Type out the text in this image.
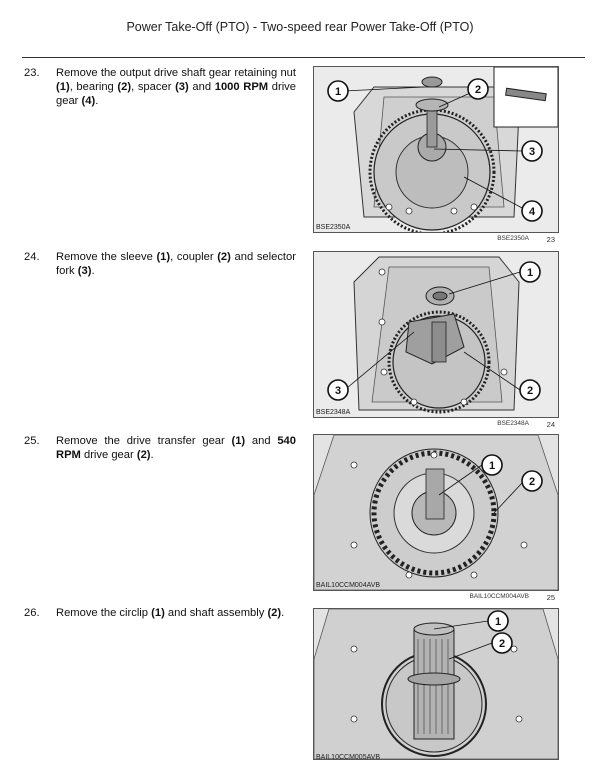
Power Take-Off (PTO) - Two-speed rear Power Take-Off (PTO)
23.	Remove the output drive shaft gear retaining nut (1), bearing (2), spacer (3) and 1000 RPM drive gear (4).
1	2
3
4
BSE2350A
BSE2350A 23
24.	Remove the sleeve (1), coupler (2) and selector fork (3).	1
2
3
BSE2348A
BSE2348A 24
25.	Remove the drive transfer gear (1) and 540 RPM drive gear (2).
1
2
BAIL10CCM004AVB
BAIL10CCM004AVB 25
26.	Remove the circlip (1) and shaft assembly (2).
1
2
BAIL10CCM005AVB
